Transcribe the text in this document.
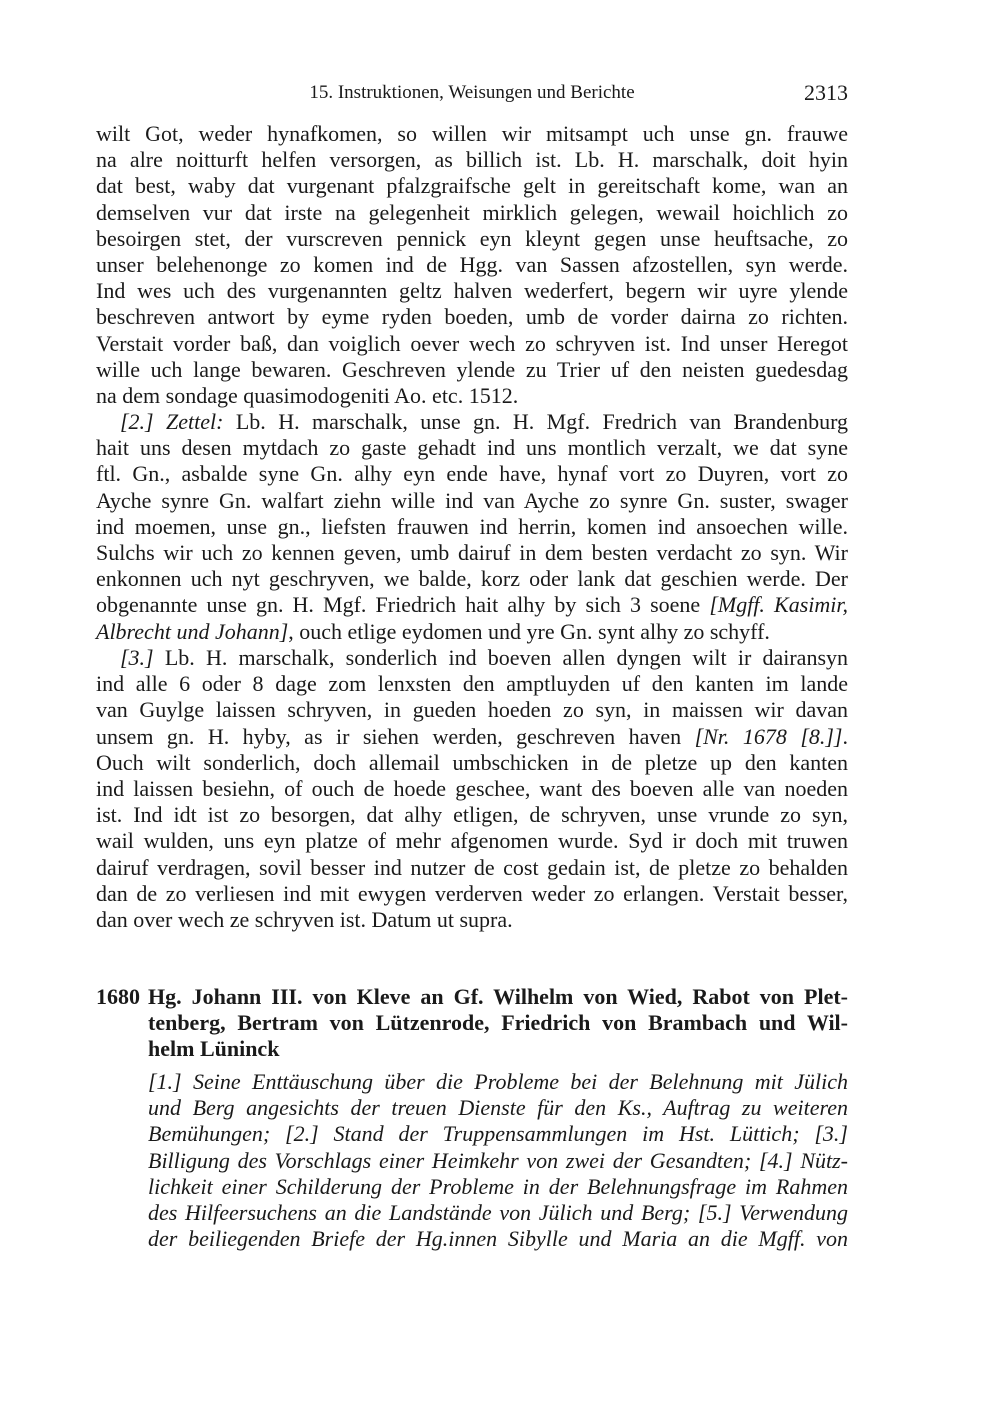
15. Instruktionen, Weisungen und Berichte	2313
wilt Got, weder hynafkomen, so willen wir mitsampt uch unse gn. frauwe
na alre noitturft helfen versorgen, as billich ist. Lb. H. marschalk, doit hyin
dat best, waby dat vurgenant pfalzgraifsche gelt in gereitschaft kome, wan an
demselven vur dat irste na gelegenheit mirklich gelegen, wewail hoichlich zo
besoirgen stet, der vurscreven pennick eyn kleynt gegen unse heuftsache, zo
unser belehenonge zo komen ind de Hgg. van Sassen afzostellen, syn werde.
Ind wes uch des vurgenannten geltz halven wederfert, begern wir uyre ylende
beschreven antwort by eyme ryden boeden, umb de vorder dairna zo richten.
Verstait vorder baß, dan voiglich oever wech zo schryven ist. Ind unser Heregot
wille uch lange bewaren. Geschreven ylende zu Trier uf den neisten guedesdag
na dem sondage quasimodogeniti Ao. etc. 1512.
[2.] Zettel: Lb. H. marschalk, unse gn. H. Mgf. Fredrich van Brandenburg
hait uns desen mytdach zo gaste gehadt ind uns montlich verzalt, we dat syne
ftl. Gn., asbalde syne Gn. alhy eyn ende have, hynaf vort zo Duyren, vort zo
Ayche synre Gn. walfart ziehn wille ind van Ayche zo synre Gn. suster, swager
ind moemen, unse gn., liefsten frauwen ind herrin, komen ind ansoechen wille.
Sulchs wir uch zo kennen geven, umb dairuf in dem besten verdacht zo syn. Wir
enkonnen uch nyt geschryven, we balde, korz oder lank dat geschien werde. Der
obgenannte unse gn. H. Mgf. Friedrich hait alhy by sich 3 soene [Mgff. Kasimir,
Albrecht und Johann], ouch etlige eydomen und yre Gn. synt alhy zo schyff.
[3.] Lb. H. marschalk, sonderlich ind boeven allen dyngen wilt ir dairansyn
ind alle 6 oder 8 dage zom lenxsten den amptluyden uf den kanten im lande
van Guylge laissen schryven, in gueden hoeden zo syn, in maissen wir davan
unsem gn. H. hyby, as ir siehen werden, geschreven haven [Nr. 1678 [8.]].
Ouch wilt sonderlich, doch allemail umbschicken in de pletze up den kanten
ind laissen besiehn, of ouch de hoede geschee, want des boeven alle van noeden
ist. Ind idt ist zo besorgen, dat alhy etligen, de schryven, unse vrunde zo syn,
wail wulden, uns eyn platze of mehr afgenomen wurde. Syd ir doch mit truwen
dairuf verdragen, sovil besser ind nutzer de cost gedain ist, de pletze zo behalden
dan de zo verliesen ind mit ewygen verderven weder zo erlangen. Verstait besser,
dan over wech ze schryven ist. Datum ut supra.
1680 Hg. Johann III. von Kleve an Gf. Wilhelm von Wied, Rabot von Plet-
tenberg, Bertram von Lützenrode, Friedrich von Brambach und Wil-
helm Lüninck
[1.] Seine Enttäuschung über die Probleme bei der Belehnung mit Jülich
und Berg angesichts der treuen Dienste für den Ks., Auftrag zu weiteren
Bemühungen; [2.] Stand der Truppensammlungen im Hst. Lüttich; [3.]
Billigung des Vorschlags einer Heimkehr von zwei der Gesandten; [4.] Nütz-
lichkeit einer Schilderung der Probleme in der Belehnungsfrage im Rahmen
des Hilfeersuchens an die Landstände von Jülich und Berg; [5.] Verwendung
der beiliegenden Briefe der Hg.innen Sibylle und Maria an die Mgff. von
